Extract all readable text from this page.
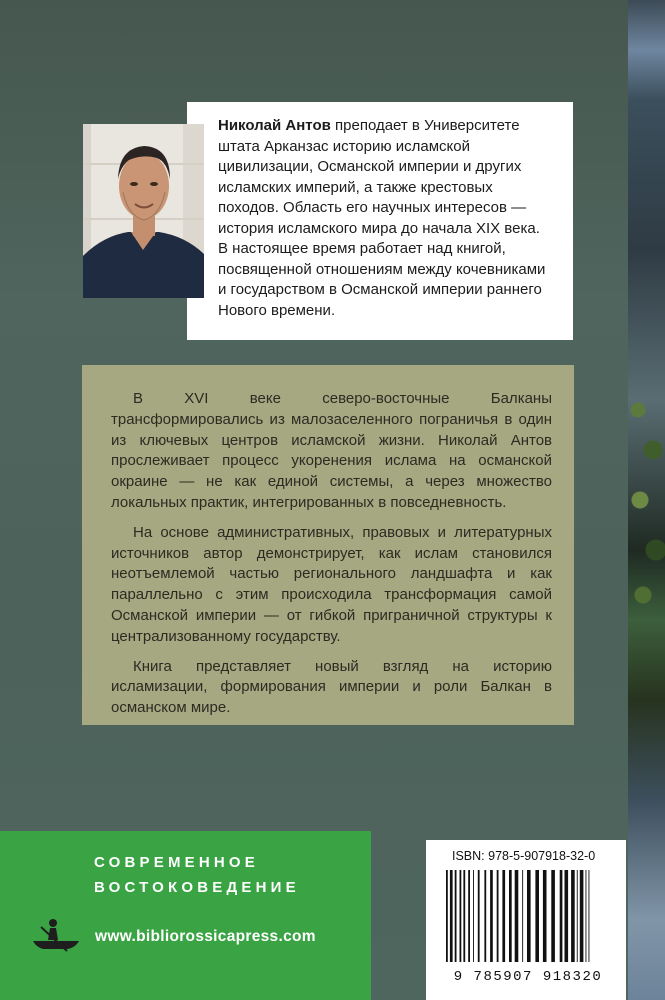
Николай Антов преподает в Университете
штата Арканзас историю исламской
цивилизации, Османской империи и других
исламских империй, а также крестовых
походов. Область его научных интересов —
история исламского мира до начала XIX века.
В настоящее время работает над книгой,
посвященной отношениям между кочевниками
и государством в Османской империи раннего
Нового времени.

В XVI веке северо-восточные Балканы трансформировались из малозаселенного пограничья в один из ключевых центров исламской жизни. Николай Антов прослеживает процесс укоренения ислама на османской окраине — не как единой системы, а через множество локальных практик, интегрированных в повседневность.

На основе административных, правовых и литературных источников автор демонстрирует, как ислам становился неотъемлемой частью регионального ландшафта и как параллельно с этим происходила трансформация самой Османской империи — от гибкой приграничной структуры к централизованному государству.

Книга представляет новый взгляд на историю исламизации, формирования империи и роли Балкан в османском мире.

СОВРЕМЕННОЕ
ВОСТОКОВЕДЕНИЕ
www.bibliorossicapress.com
ISBN: 978-5-907918-32-0
9 785907 918320
